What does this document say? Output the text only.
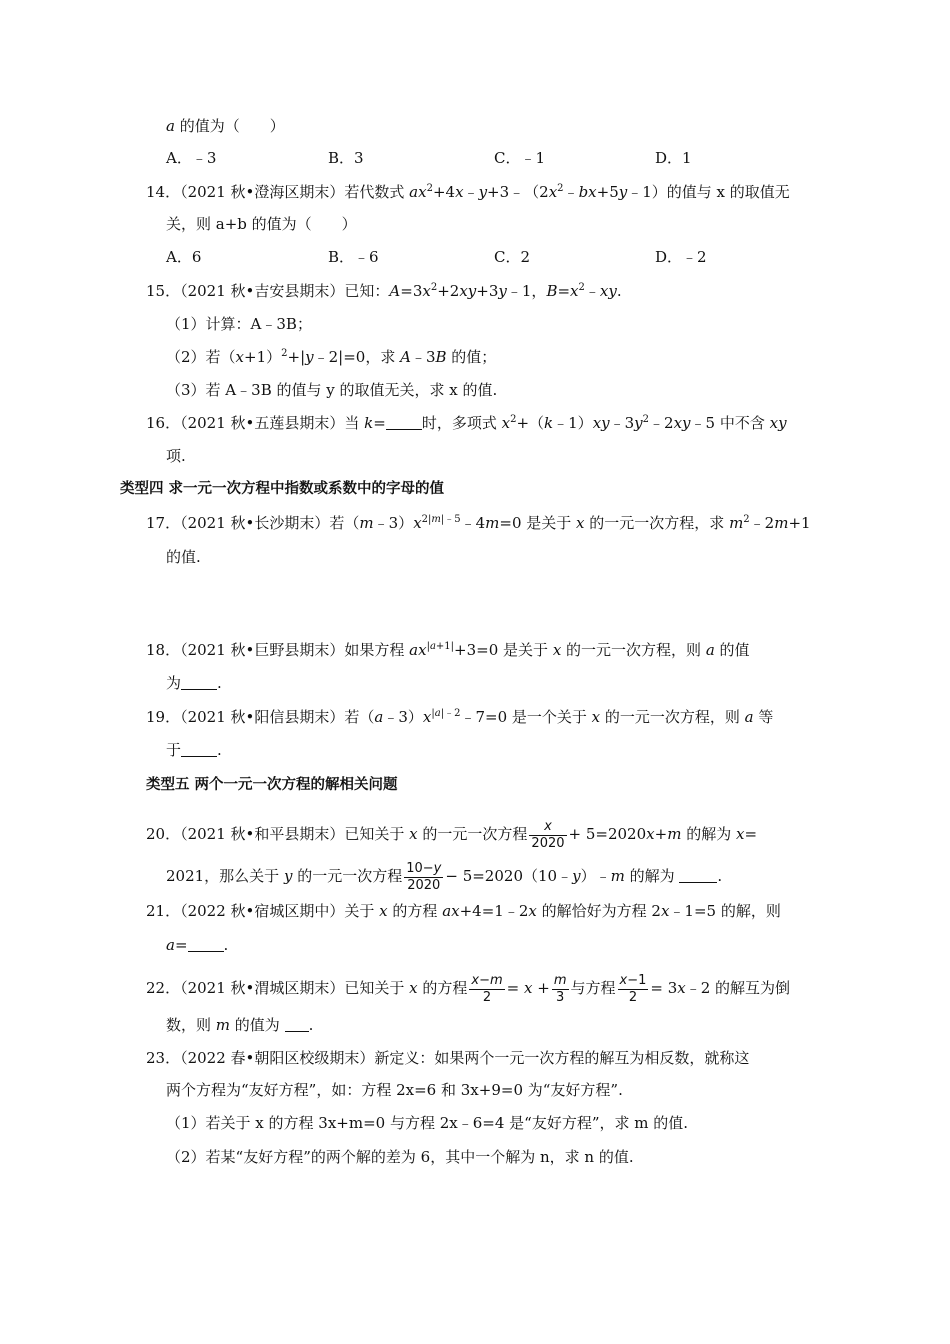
a 的值为（　　）
A．﹣3	B．3	C．﹣1	D．1
14．（2021 秋•澄海区期末）若代数式 $ax^2+4x﹣y+3﹣(2x^2﹣bx+5y﹣1)$的值与 x 的取值无
关，则 a+b 的值为（　　）
A．6	B．﹣6	C．2	D．﹣2
15．（2021 秋•吉安县期末）已知：$A=3x^2+2xy+3y﹣1$，$B=x^2﹣xy$.
（1）计算：A﹣3B；
（2）若$(x+1)^2+|y﹣2|=0$，求 A﹣3B 的值；
（3）若 A﹣3B 的值与 y 的取值无关，求 x 的值.
16．（2021 秋•五莲县期末）当 k= 时，多项式 $x^2+(k﹣1)xy﹣3y^2﹣2xy﹣5$ 中不含 xy
项.
类型四 求一元一次方程中指数或系数中的字母的值
17．（2021 秋•长沙期末）若$(m﹣3)x^{2|m|﹣5}﹣4m=0$ 是关于 x 的一元一次方程，求 $m^2﹣2m+1$
的值.
18．（2021 秋•巨野县期末）如果方程 $ax^{|a+1|}+3=0$ 是关于 x 的一元一次方程，则 a 的值
为 .
19．（2021 秋•阳信县期末）若$(a﹣3)x^{|a|﹣2}﹣7=0$ 是一个关于 x 的一元一次方程，则 a 等
于 .
类型五 两个一元一次方程的解相关问题
20．（2021 秋•和平县期末）已知关于 x 的一元一次方程 $\frac{x}{2020} + 5=2020x+m$ 的解为 x=
2021，那么关于 y 的一元一次方程 $\frac{10-y}{2020}$ − 5=2020（10﹣y）﹣m 的解为	.
21．（2022 秋•宿城区期中）关于 x 的方程 ax+4=1﹣2x 的解恰好为方程 2x﹣1=5 的解，则
a= .
22．（2021 秋•渭城区期末）已知关于 x 的方程 $\frac{x-m}{2} = x + \frac{m}{3}$ 与方程 $\frac{x-1}{2}$ = 3x﹣2 的解互为倒
数，则 m 的值为 .
23．（2022 春•朝阳区校级期末）新定义：如果两个一元一次方程的解互为相反数，就称这
两个方程为“友好方程”，如：方程 2x=6 和 3x+9=0 为“友好方程”.
（1）若关于 x 的方程 3x+m=0 与方程 2x﹣6=4 是“友好方程”，求 m 的值.
（2）若某“友好方程”的两个解的差为 6，其中一个解为 n，求 n 的值.
